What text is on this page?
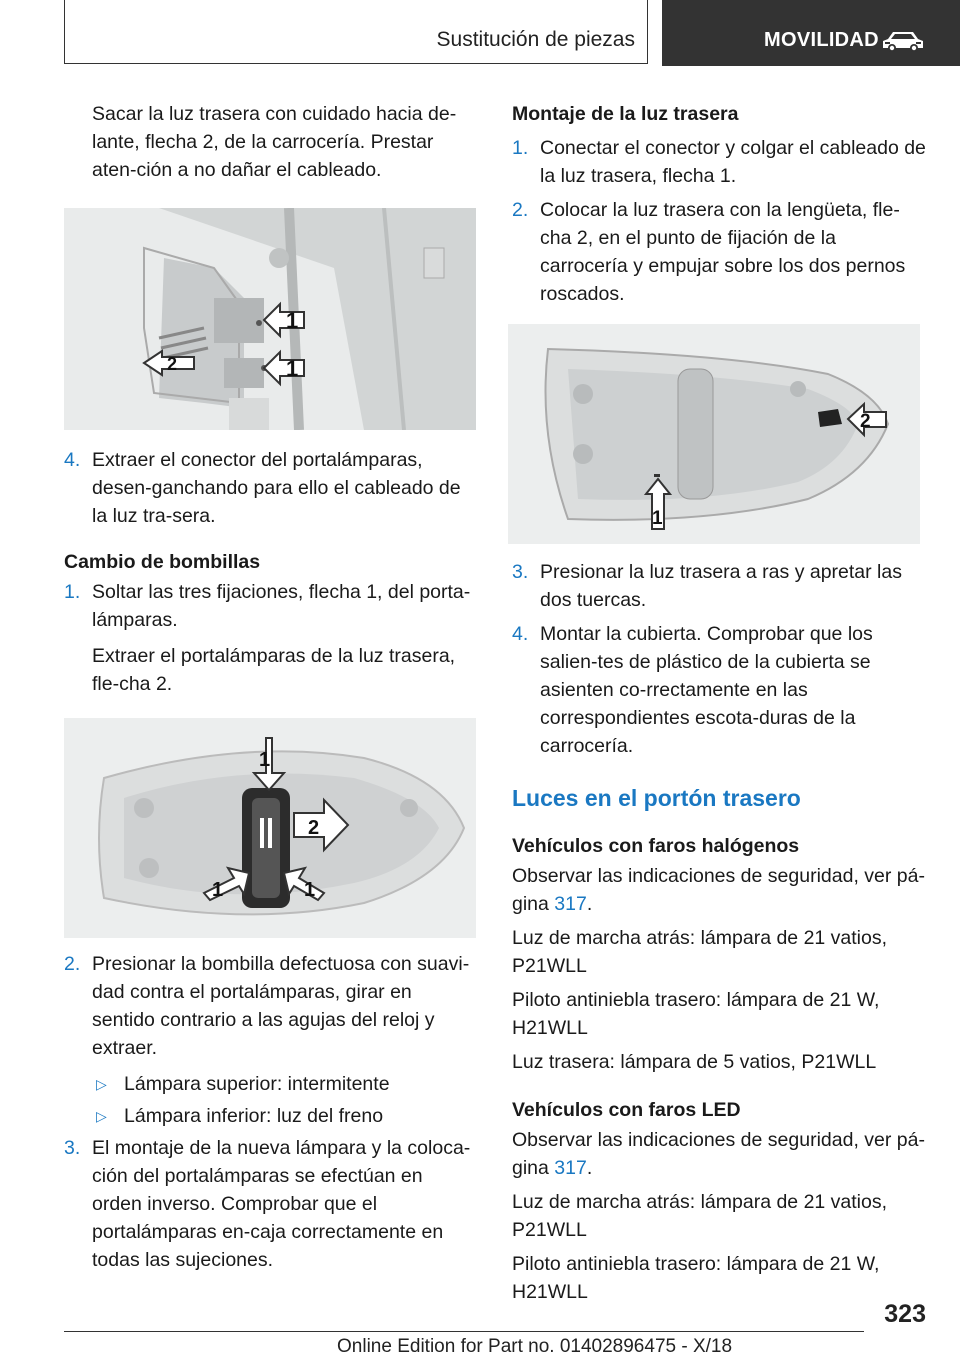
Sustitución de piezas	MOVILIDAD

Sacar la luz trasera con cuidado hacia de-lante, flecha 2, de la carrocería. Prestar aten-ción a no dañar el cableado.

1
1
2
4. Extraer el conector del portalámparas, desen-ganchando para ello el cableado de la luz tra-sera.

Cambio de bombillas

1. Soltar las tres fijaciones, flecha 1, del porta-lámparas.

Extraer el portalámparas de la luz trasera, fle-cha 2.

1
2
1	1
2. Presionar la bombilla defectuosa con suavi-dad contra el portalámparas, girar en sentido contrario a las agujas del reloj y extraer.
▷ Lámpara superior: intermitente
▷ Lámpara inferior: luz del freno
3. El montaje de la nueva lámpara y la coloca-ción del portalámparas se efectúan en orden inverso. Comprobar que el portalámparas en-caja correctamente en todas las sujeciones.

Montaje de la luz trasera

1. Conectar el conector y colgar el cableado de la luz trasera, flecha 1.
2. Colocar la luz trasera con la lengüeta, fle-cha 2, en el punto de fijación de la carrocería y empujar sobre los dos pernos roscados.
2
1
3. Presionar la luz trasera a ras y apretar las dos tuercas.
4. Montar la cubierta. Comprobar que los salien-tes de plástico de la cubierta se asienten co-rrectamente en las correspondientes escota-duras de la carrocería.

Luces en el portón trasero

Vehículos con faros halógenos

Observar las indicaciones de seguridad, ver pá-gina 317.

Luz de marcha atrás: lámpara de 21 vatios, P21WLL

Piloto antiniebla trasero: lámpara de 21 W, H21WLL

Luz trasera: lámpara de 5 vatios, P21WLL

Vehículos con faros LED

Observar las indicaciones de seguridad, ver pá-gina 317.

Luz de marcha atrás: lámpara de 21 vatios, P21WLL

Piloto antiniebla trasero: lámpara de 21 W, H21WLL

323
Online Edition for Part no. 01402896475 - X/18
